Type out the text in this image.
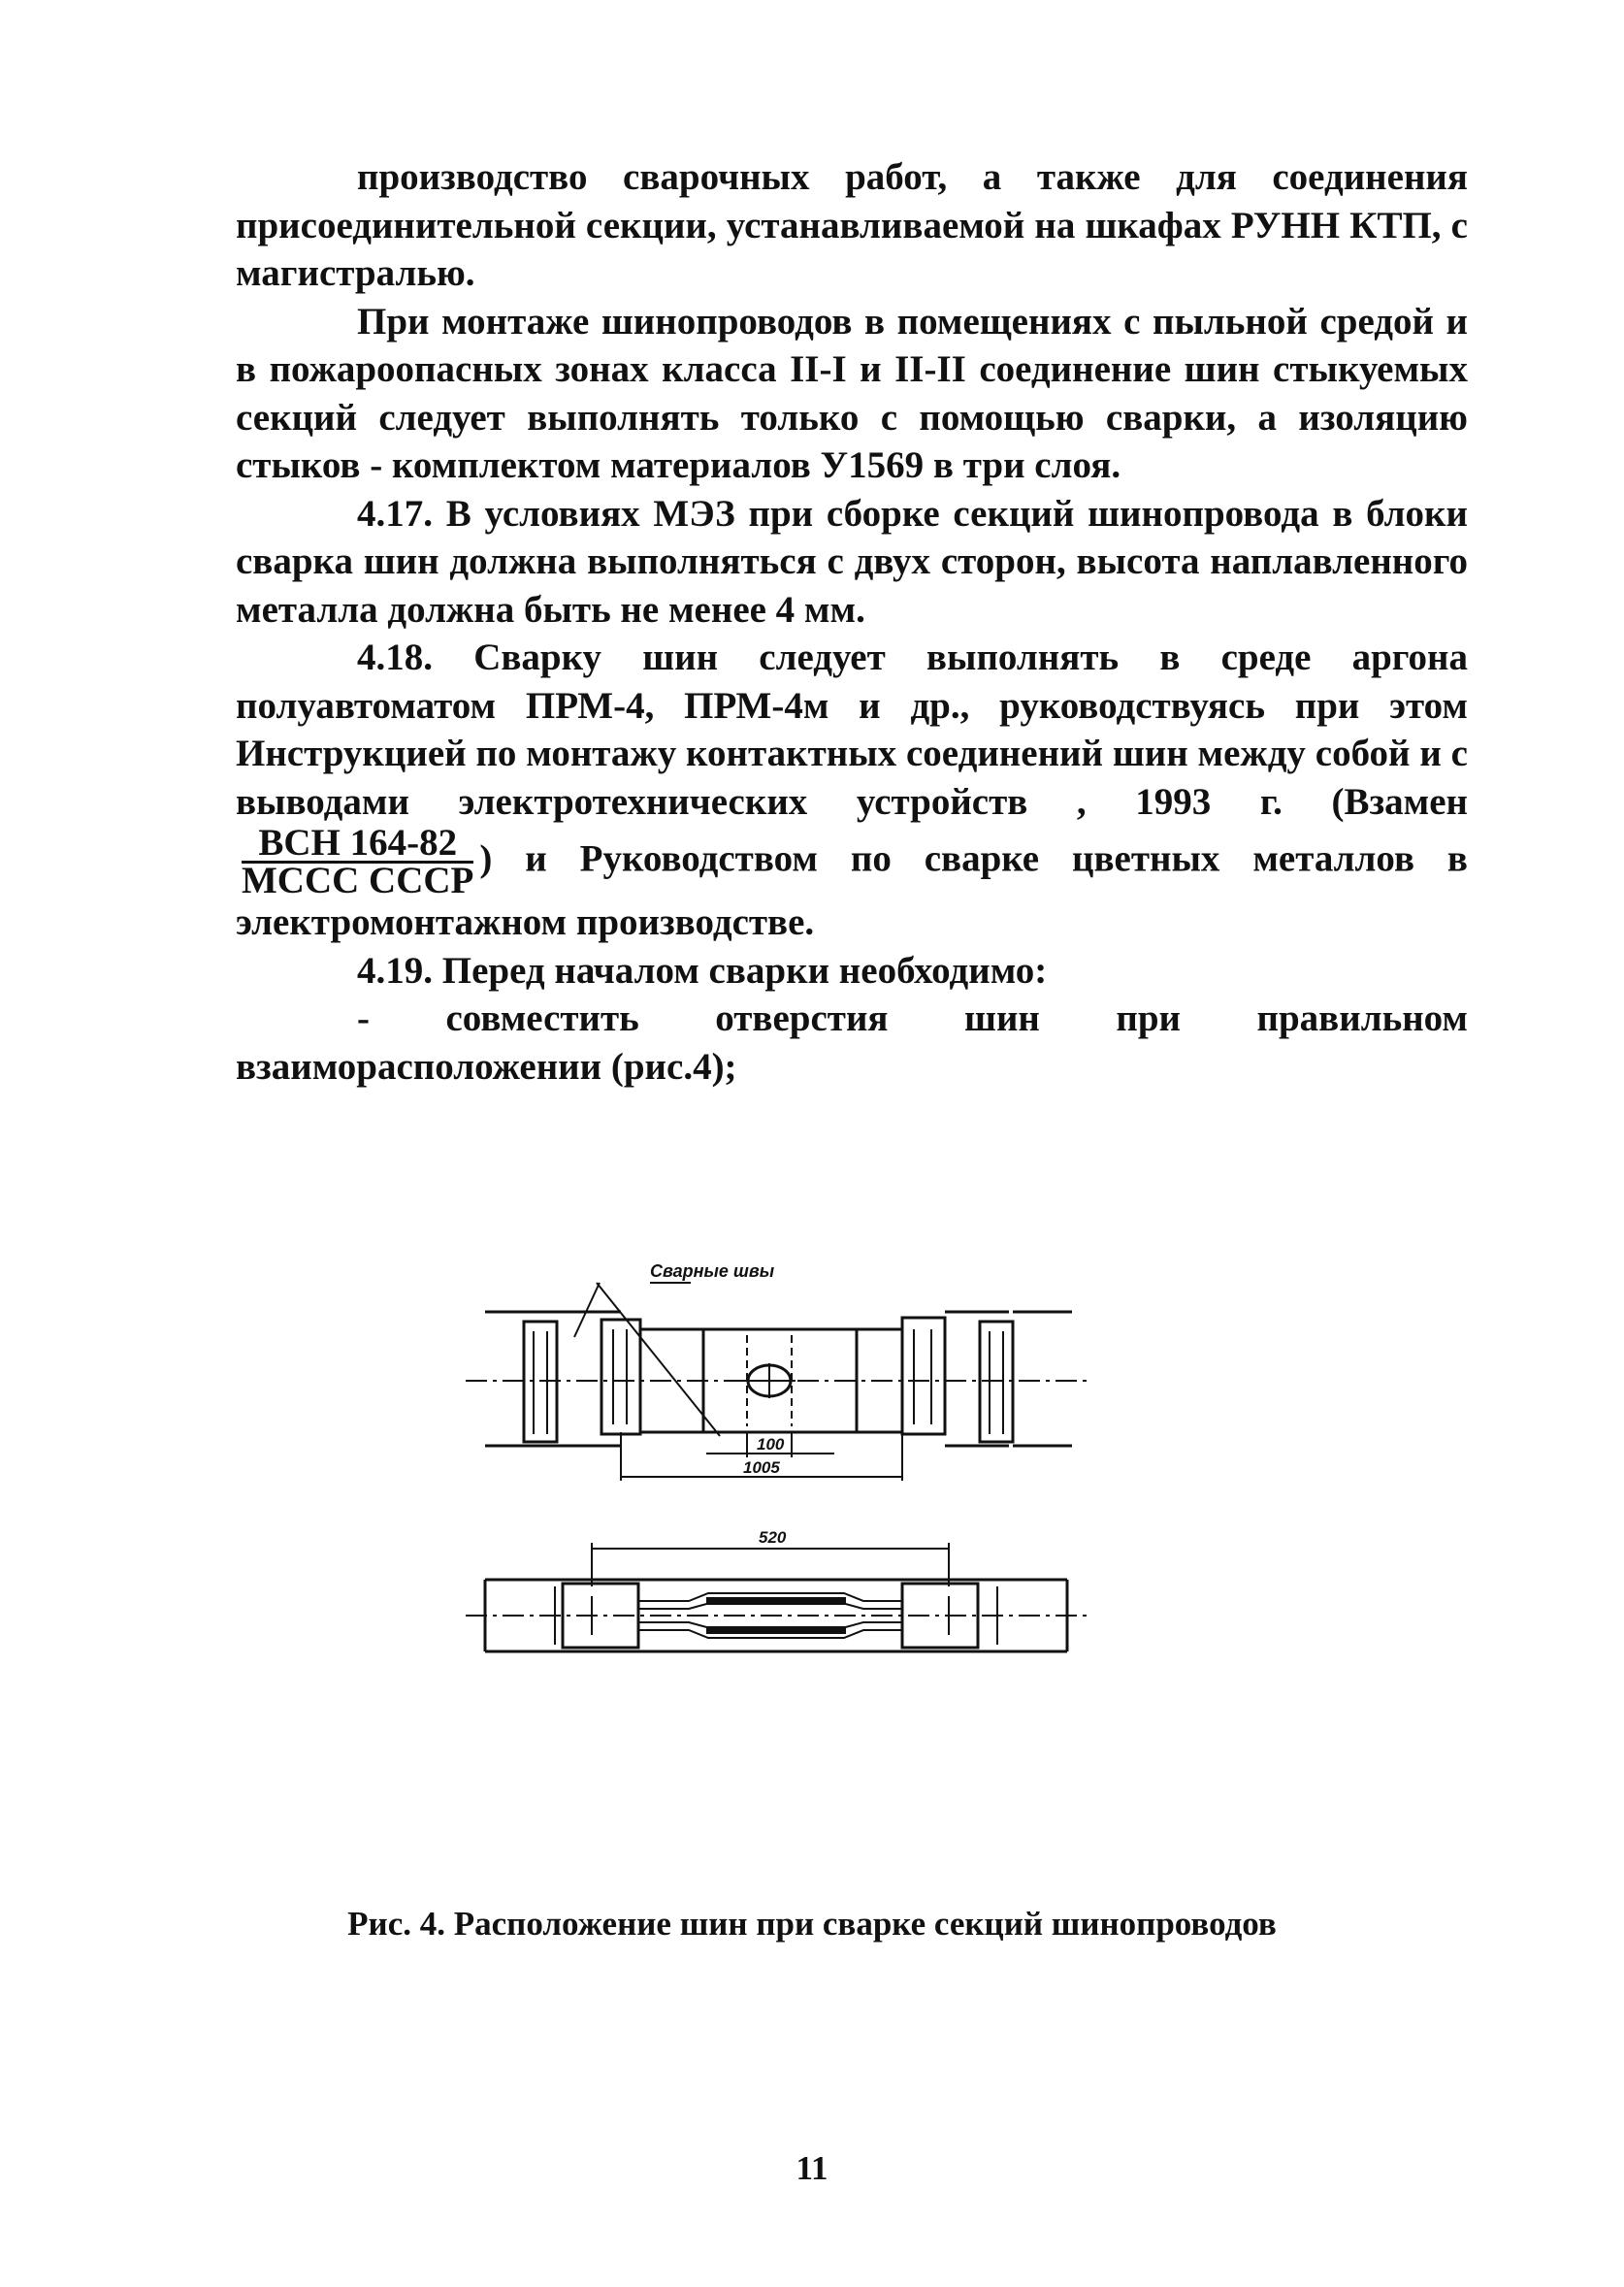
производство сварочных работ, а также для соединения присоединительной секции, устанавливаемой на шкафах РУНН КТП, с магистралью.

При монтаже шинопроводов в помещениях с пыльной средой и в пожароопасных зонах класса II-I и II-II соединение шин стыкуемых секций следует выполнять только с помощью сварки, а изоляцию стыков - комплектом материалов У1569 в три слоя.

4.17. В условиях МЭЗ при сборке секций шинопровода в блоки сварка шин должна выполняться с двух сторон, высота наплавленного металла должна быть не менее 4 мм.

4.18. Сварку шин следует выполнять в среде аргона полуавтоматом ПРМ-4, ПРМ-4м и др., руководствуясь при этом Инструкцией по монтажу контактных соединений шин между собой и с выводами электротехнических устройств , 1993 г. (Взамен
$\frac{\text{ВСН 164-82}}{\text{МССС СССР}}$ ) и Руководством по сварке цветных металлов в электромонтажном производстве.

4.19. Перед началом сварки необходимо:

- совместить отверстия шин при правильном взаиморасположении (рис.4);

Сварные швы
100
1005
520
Рис. 4. Расположение шин при сварке секций шинопроводов
11
